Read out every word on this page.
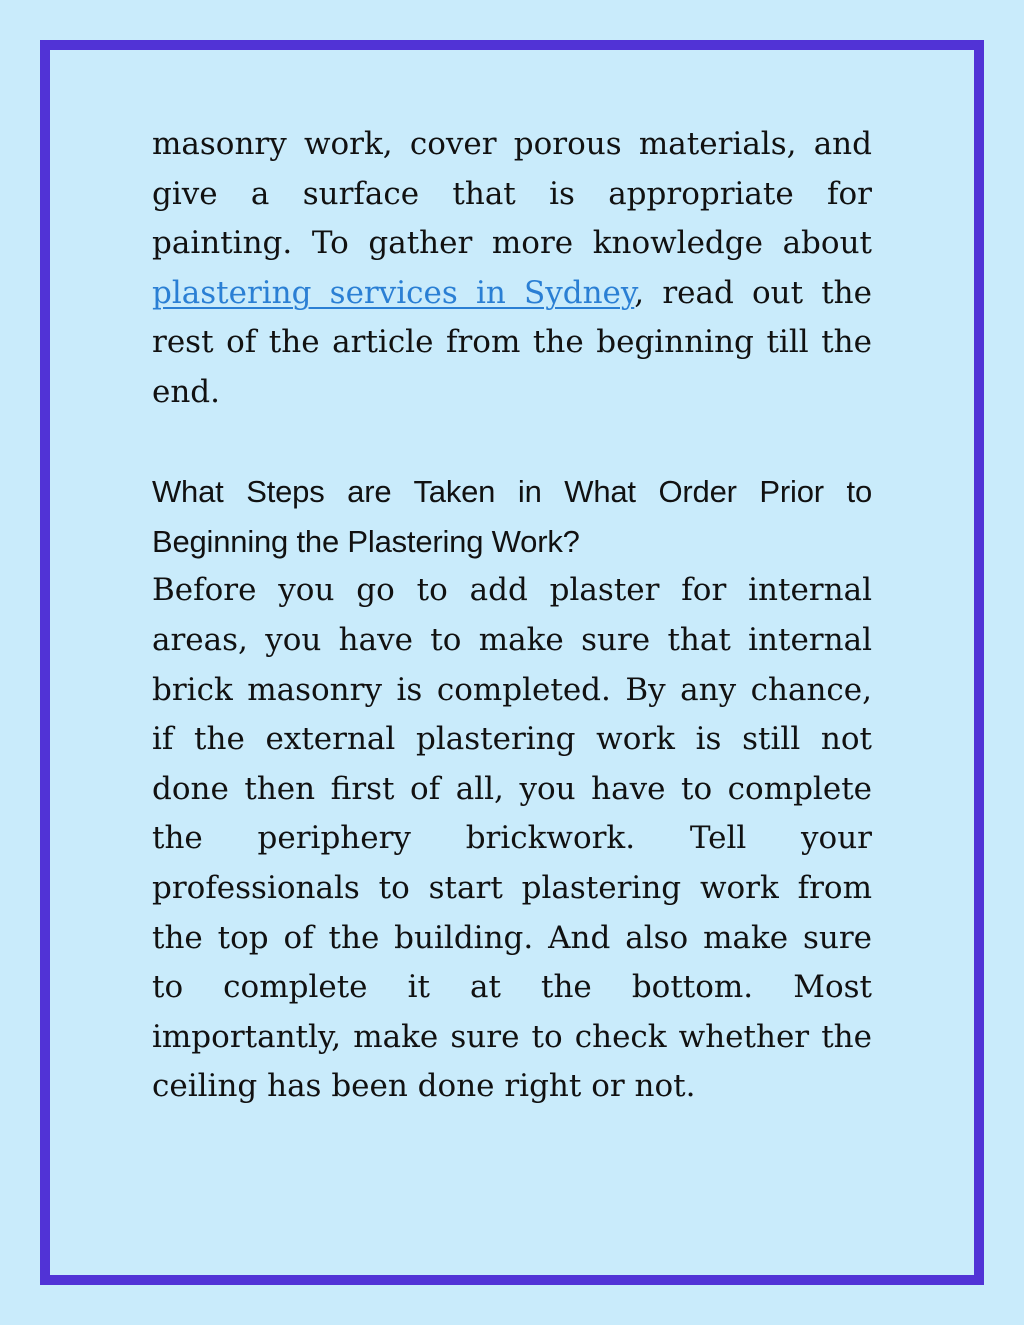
masonry work, cover porous materials, and give a surface that is appropriate for painting. To gather more knowledge about plastering services in Sydney, read out the rest of the article from the beginning till the end.

What Steps are Taken in What Order Prior to Beginning the Plastering Work?

Before you go to add plaster for internal areas, you have to make sure that internal brick masonry is completed. By any chance, if the external plastering work is still not done then first of all, you have to complete the periphery brickwork. Tell your professionals to start plastering work from the top of the building. And also make sure to complete it at the bottom. Most importantly, make sure to check whether the ceiling has been done right or not.
